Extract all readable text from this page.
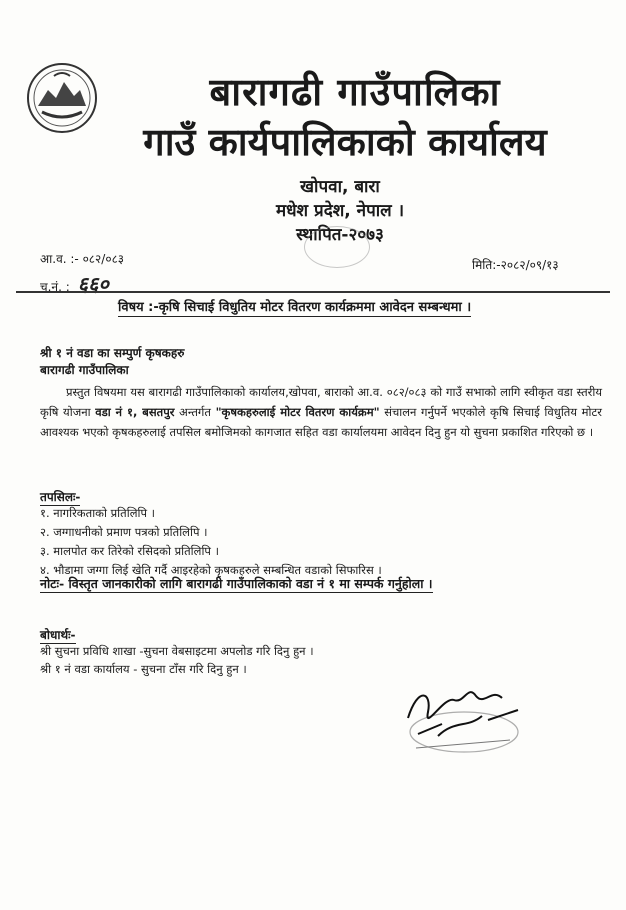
बारागढी गाउँपालिका
गाउँ कार्यपालिकाको कार्यालय
खोपवा, बारा
मधेश प्रदेश, नेपाल ।
स्थापित-२०७३
आ.व. :- ०८२/०८३
च.नं. : ६६०
मिति:-२०८२/०९/१३
विषय :-कृषि सिचाई विधुतिय मोटर वितरण कार्यक्रममा आवेदन सम्बन्धमा ।
श्री १ नं वडा का सम्पुर्ण कृषकहरु
बारागढी गाउँपालिका

प्रस्तुत विषयमा यस बारागढी गाउँपालिकाको कार्यालय,खोपवा, बाराको आ.व. ०८२/०८३ को गाउँ सभाको लागि स्वीकृत वडा स्तरीय कृषि योजना वडा नं १, बसतपुर अन्तर्गत "कृषकहरुलाई मोटर वितरण कार्यक्रम" संचालन गर्नुपर्ने भएकोले कृषि सिचाई विधुतिय मोटर आवश्यक भएको कृषकहरुलाई तपसिल बमोजिमको कागजात सहित वडा कार्यालयमा आवेदन दिनु हुन यो सुचना प्रकाशित गरिएको छ ।

तपसिलः-
१. नागरिकताको प्रतिलिपि ।
२. जग्गाधनीको प्रमाण पत्रको प्रतिलिपि ।
३. मालपोत कर तिरेको रसिदको प्रतिलिपि ।
४. भौडामा जग्गा लिई खेति गर्दै आइरहेको कृषकहरुले सम्बन्धित वडाको सिफारिस ।
नोटः- विस्तृत जानकारीको लागि बारागढी गाउँपालिकाको वडा नं १ मा सम्पर्क गर्नुहोला ।
बोधार्थः-
श्री सुचना प्रविधि शाखा -सुचना वेबसाइटमा अपलोड गरि दिनु हुन ।
श्री १ नं वडा कार्यालय - सुचना टाँस गरि दिनु हुन ।
